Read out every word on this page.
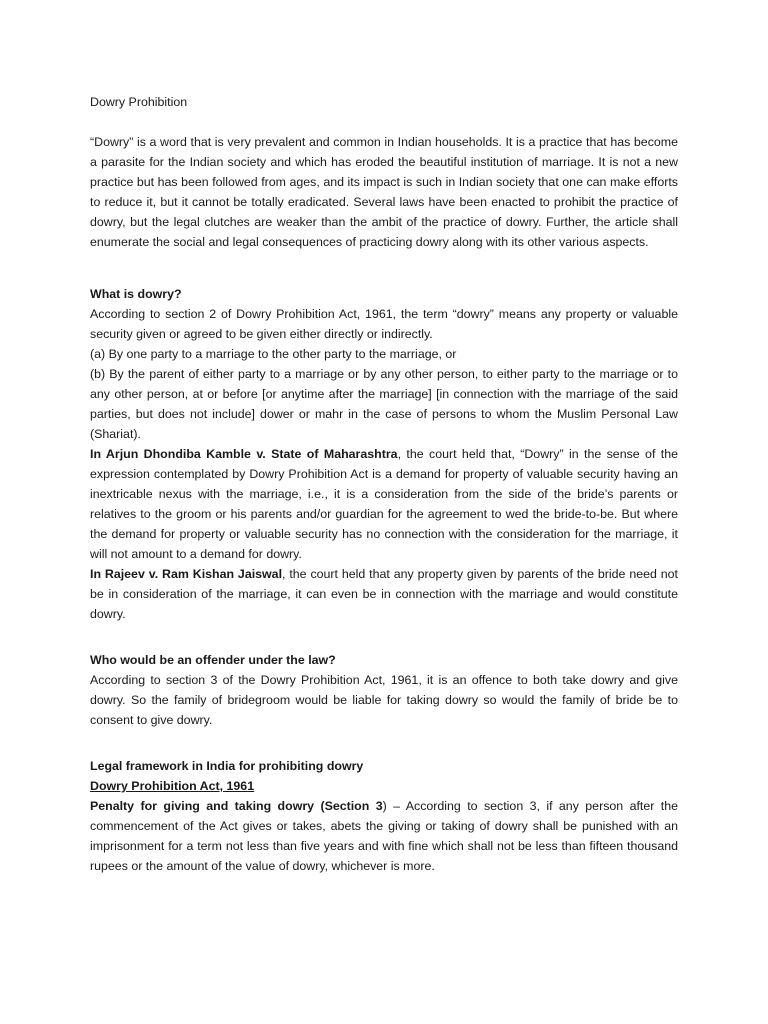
Dowry Prohibition

“Dowry” is a word that is very prevalent and common in Indian households. It is a practice that has become a parasite for the Indian society and which has eroded the beautiful institution of marriage. It is not a new practice but has been followed from ages, and its impact is such in Indian society that one can make efforts to reduce it, but it cannot be totally eradicated. Several laws have been enacted to prohibit the practice of dowry, but the legal clutches are weaker than the ambit of the practice of dowry. Further, the article shall enumerate the social and legal consequences of practicing dowry along with its other various aspects.

What is dowry?

According to section 2 of Dowry Prohibition Act, 1961, the term “dowry” means any property or valuable security given or agreed to be given either directly or indirectly.

(a) By one party to a marriage to the other party to the marriage, or

(b) By the parent of either party to a marriage or by any other person, to either party to the marriage or to any other person, at or before [or anytime after the marriage] [in connection with the marriage of the said parties, but does not include] dower or mahr in the case of persons to whom the Muslim Personal Law (Shariat).

In Arjun Dhondiba Kamble v. State of Maharashtra, the court held that, “Dowry” in the sense of the expression contemplated by Dowry Prohibition Act is a demand for property of valuable security having an inextricable nexus with the marriage, i.e., it is a consideration from the side of the bride’s parents or relatives to the groom or his parents and/or guardian for the agreement to wed the bride-to-be. But where the demand for property or valuable security has no connection with the consideration for the marriage, it will not amount to a demand for dowry.

In Rajeev v. Ram Kishan Jaiswal, the court held that any property given by parents of the bride need not be in consideration of the marriage, it can even be in connection with the marriage and would constitute dowry.

Who would be an offender under the law?

According to section 3 of the Dowry Prohibition Act, 1961, it is an offence to both take dowry and give dowry. So the family of bridegroom would be liable for taking dowry so would the family of bride be to consent to give dowry.

Legal framework in India for prohibiting dowry

Dowry Prohibition Act, 1961

Penalty for giving and taking dowry (Section 3) – According to section 3, if any person after the commencement of the Act gives or takes, abets the giving or taking of dowry shall be punished with an imprisonment for a term not less than five years and with fine which shall not be less than fifteen thousand rupees or the amount of the value of dowry, whichever is more.
